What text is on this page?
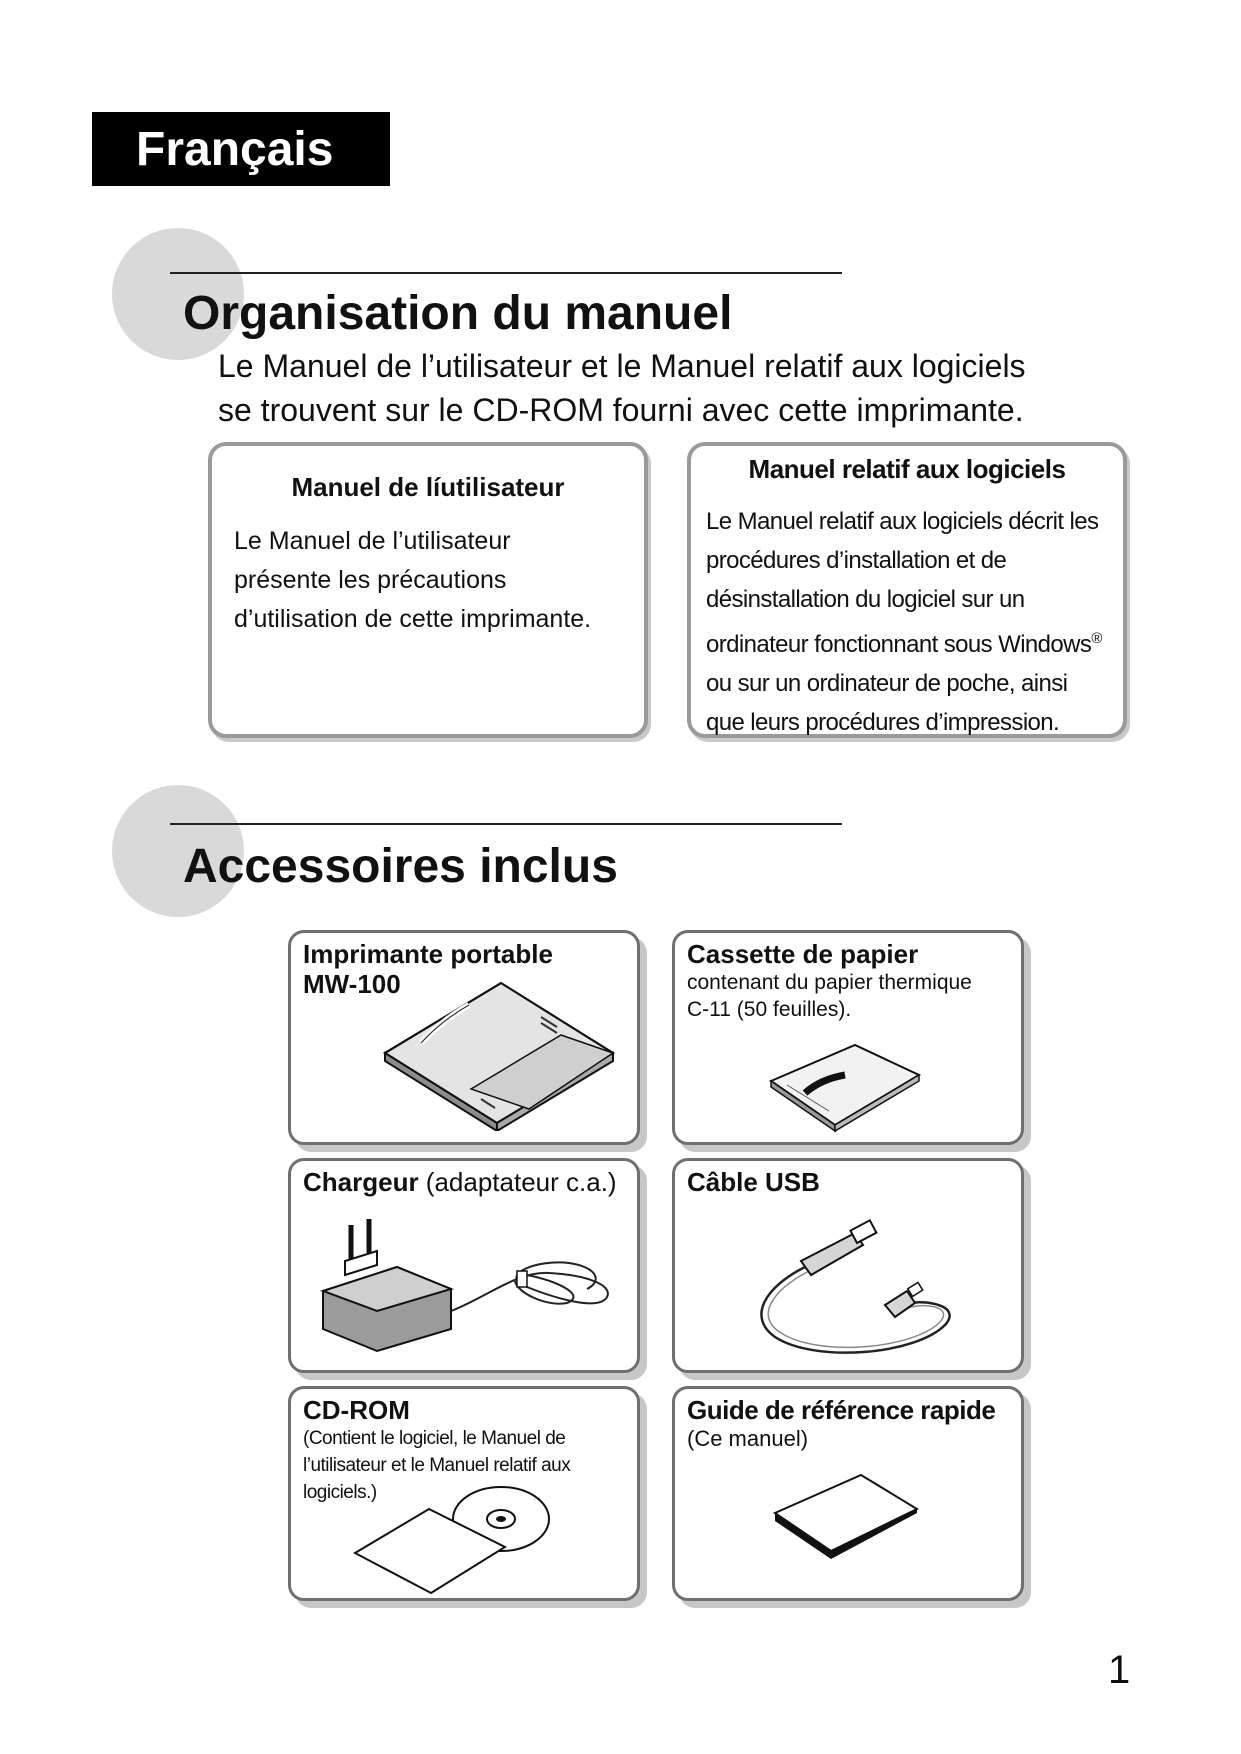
Français
Organisation du manuel
Le Manuel de l’utilisateur et le Manuel relatif aux logiciels
se trouvent sur le CD-ROM fourni avec cette imprimante.
Manuel de líutilisateur
Le Manuel de l’utilisateur
présente les précautions
d’utilisation de cette imprimante.
Manuel relatif aux logiciels
Le Manuel relatif aux logiciels décrit les
procédures d’installation et de
désinstallation du logiciel sur un
ordinateur fonctionnant sous Windows®
ou sur un ordinateur de poche, ainsi
que leurs procédures d’impression.
Accessoires inclus
Imprimante portable
MW-100
Cassette de papier
contenant du papier thermique
C-11 (50 feuilles).
Chargeur (adaptateur c.a.)	Câble USB
CD-ROM
(Contient le logiciel, le Manuel de
l’utilisateur et le Manuel relatif aux logiciels.)
Guide de référence rapide
(Ce manuel)
1
